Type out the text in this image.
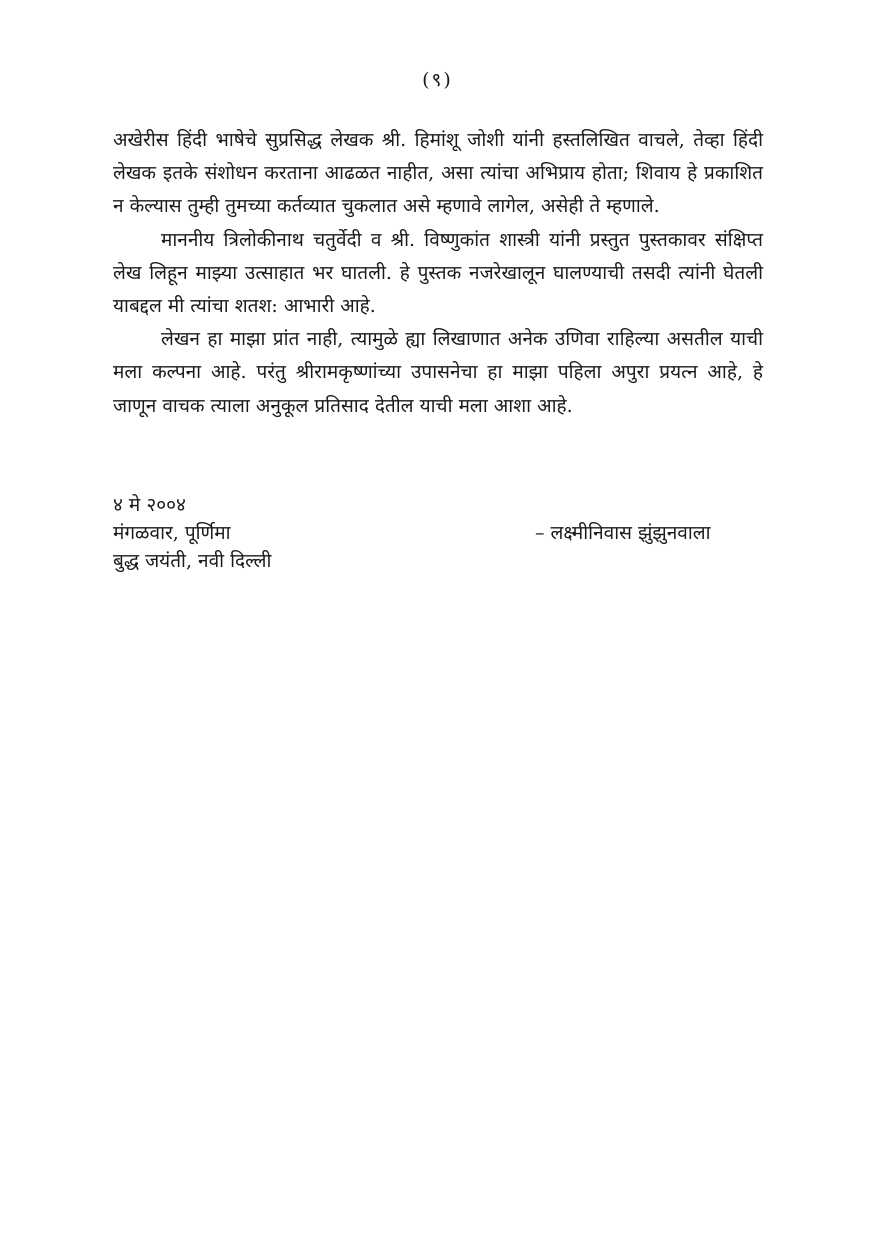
(९)

अखेरीस हिंदी भाषेचे सुप्रसिद्ध लेखक श्री. हिमांशू जोशी यांनी हस्तलिखित वाचले, तेव्हा हिंदी लेखक इतके संशोधन करताना आढळत नाहीत, असा त्यांचा अभिप्राय होता; शिवाय हे प्रकाशित न केल्यास तुम्ही तुमच्या कर्तव्यात चुकलात असे म्हणावे लागेल, असेही ते म्हणाले.

माननीय त्रिलोकीनाथ चतुर्वेदी व श्री. विष्णुकांत शास्त्री यांनी प्रस्तुत पुस्तकावर संक्षिप्त लेख लिहून माझ्या उत्साहात भर घातली. हे पुस्तक नजरेखालून घालण्याची तसदी त्यांनी घेतली याबद्दल मी त्यांचा शतश: आभारी आहे.

लेखन हा माझा प्रांत नाही, त्यामुळे ह्या लिखाणात अनेक उणिवा राहिल्या असतील याची मला कल्पना आहे. परंतु श्रीरामकृष्णांच्या उपासनेचा हा माझा पहिला अपुरा प्रयत्न आहे, हे जाणून वाचक त्याला अनुकूल प्रतिसाद देतील याची मला आशा आहे.

४ मे २००४
मंगळवार, पूर्णिमा	– लक्ष्मीनिवास झुंझुनवाला
बुद्ध जयंती, नवी दिल्ली
